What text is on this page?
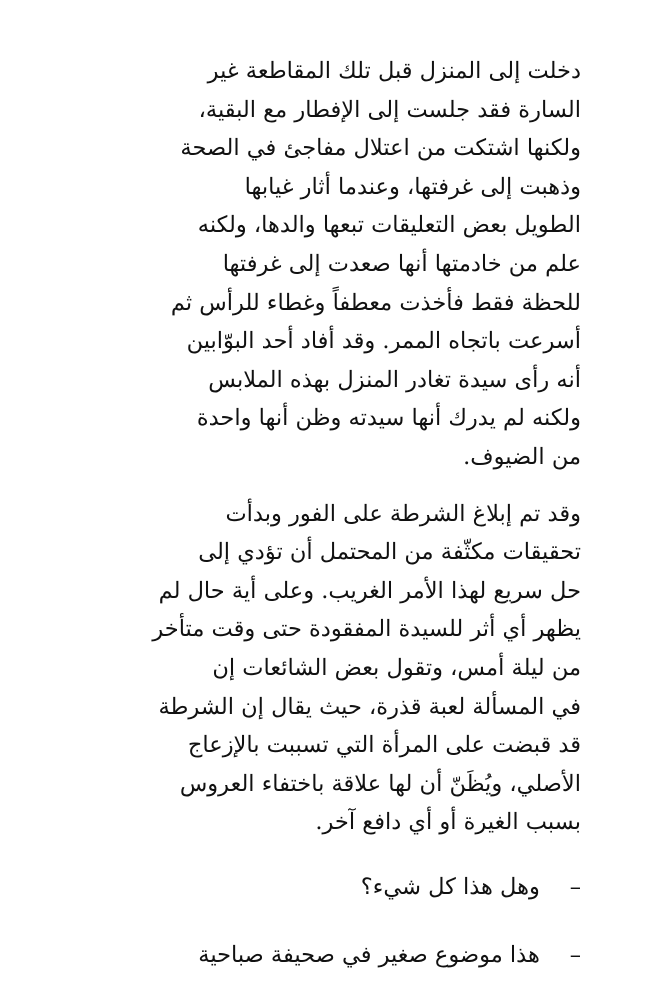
دخلت إلى المنزل قبل تلك المقاطعة غير
السارة فقد جلست إلى الإفطار مع البقية،
ولكنها اشتكت من اعتلال مفاجئ في الصحة
وذهبت إلى غرفتها، وعندما أثار غيابها
الطويل بعض التعليقات تبعها والدها، ولكنه
علم من خادمتها أنها صعدت إلى غرفتها
للحظة فقط فأخذت معطفاً وغطاء للرأس ثم
أسرعت باتجاه الممر. وقد أفاد أحد البوّابين
أنه رأى سيدة تغادر المنزل بهذه الملابس
ولكنه لم يدرك أنها سيدته وظن أنها واحدة
من الضيوف.

وقد تم إبلاغ الشرطة على الفور وبدأت
تحقيقات مكثّفة من المحتمل أن تؤدي إلى
حل سريع لهذا الأمر الغريب. وعلى أية حال لم
يظهر أي أثر للسيدة المفقودة حتى وقت متأخر
من ليلة أمس، وتقول بعض الشائعات إن
في المسألة لعبة قذرة، حيث يقال إن الشرطة
قد قبضت على المرأة التي تسببت بالإزعاج
الأصلي، ويُظَنّ أن لها علاقة باختفاء العروس
بسبب الغيرة أو أي دافع آخر.

– وهل هذا كل شيء؟

– هذا موضوع صغير في صحيفة صباحية
